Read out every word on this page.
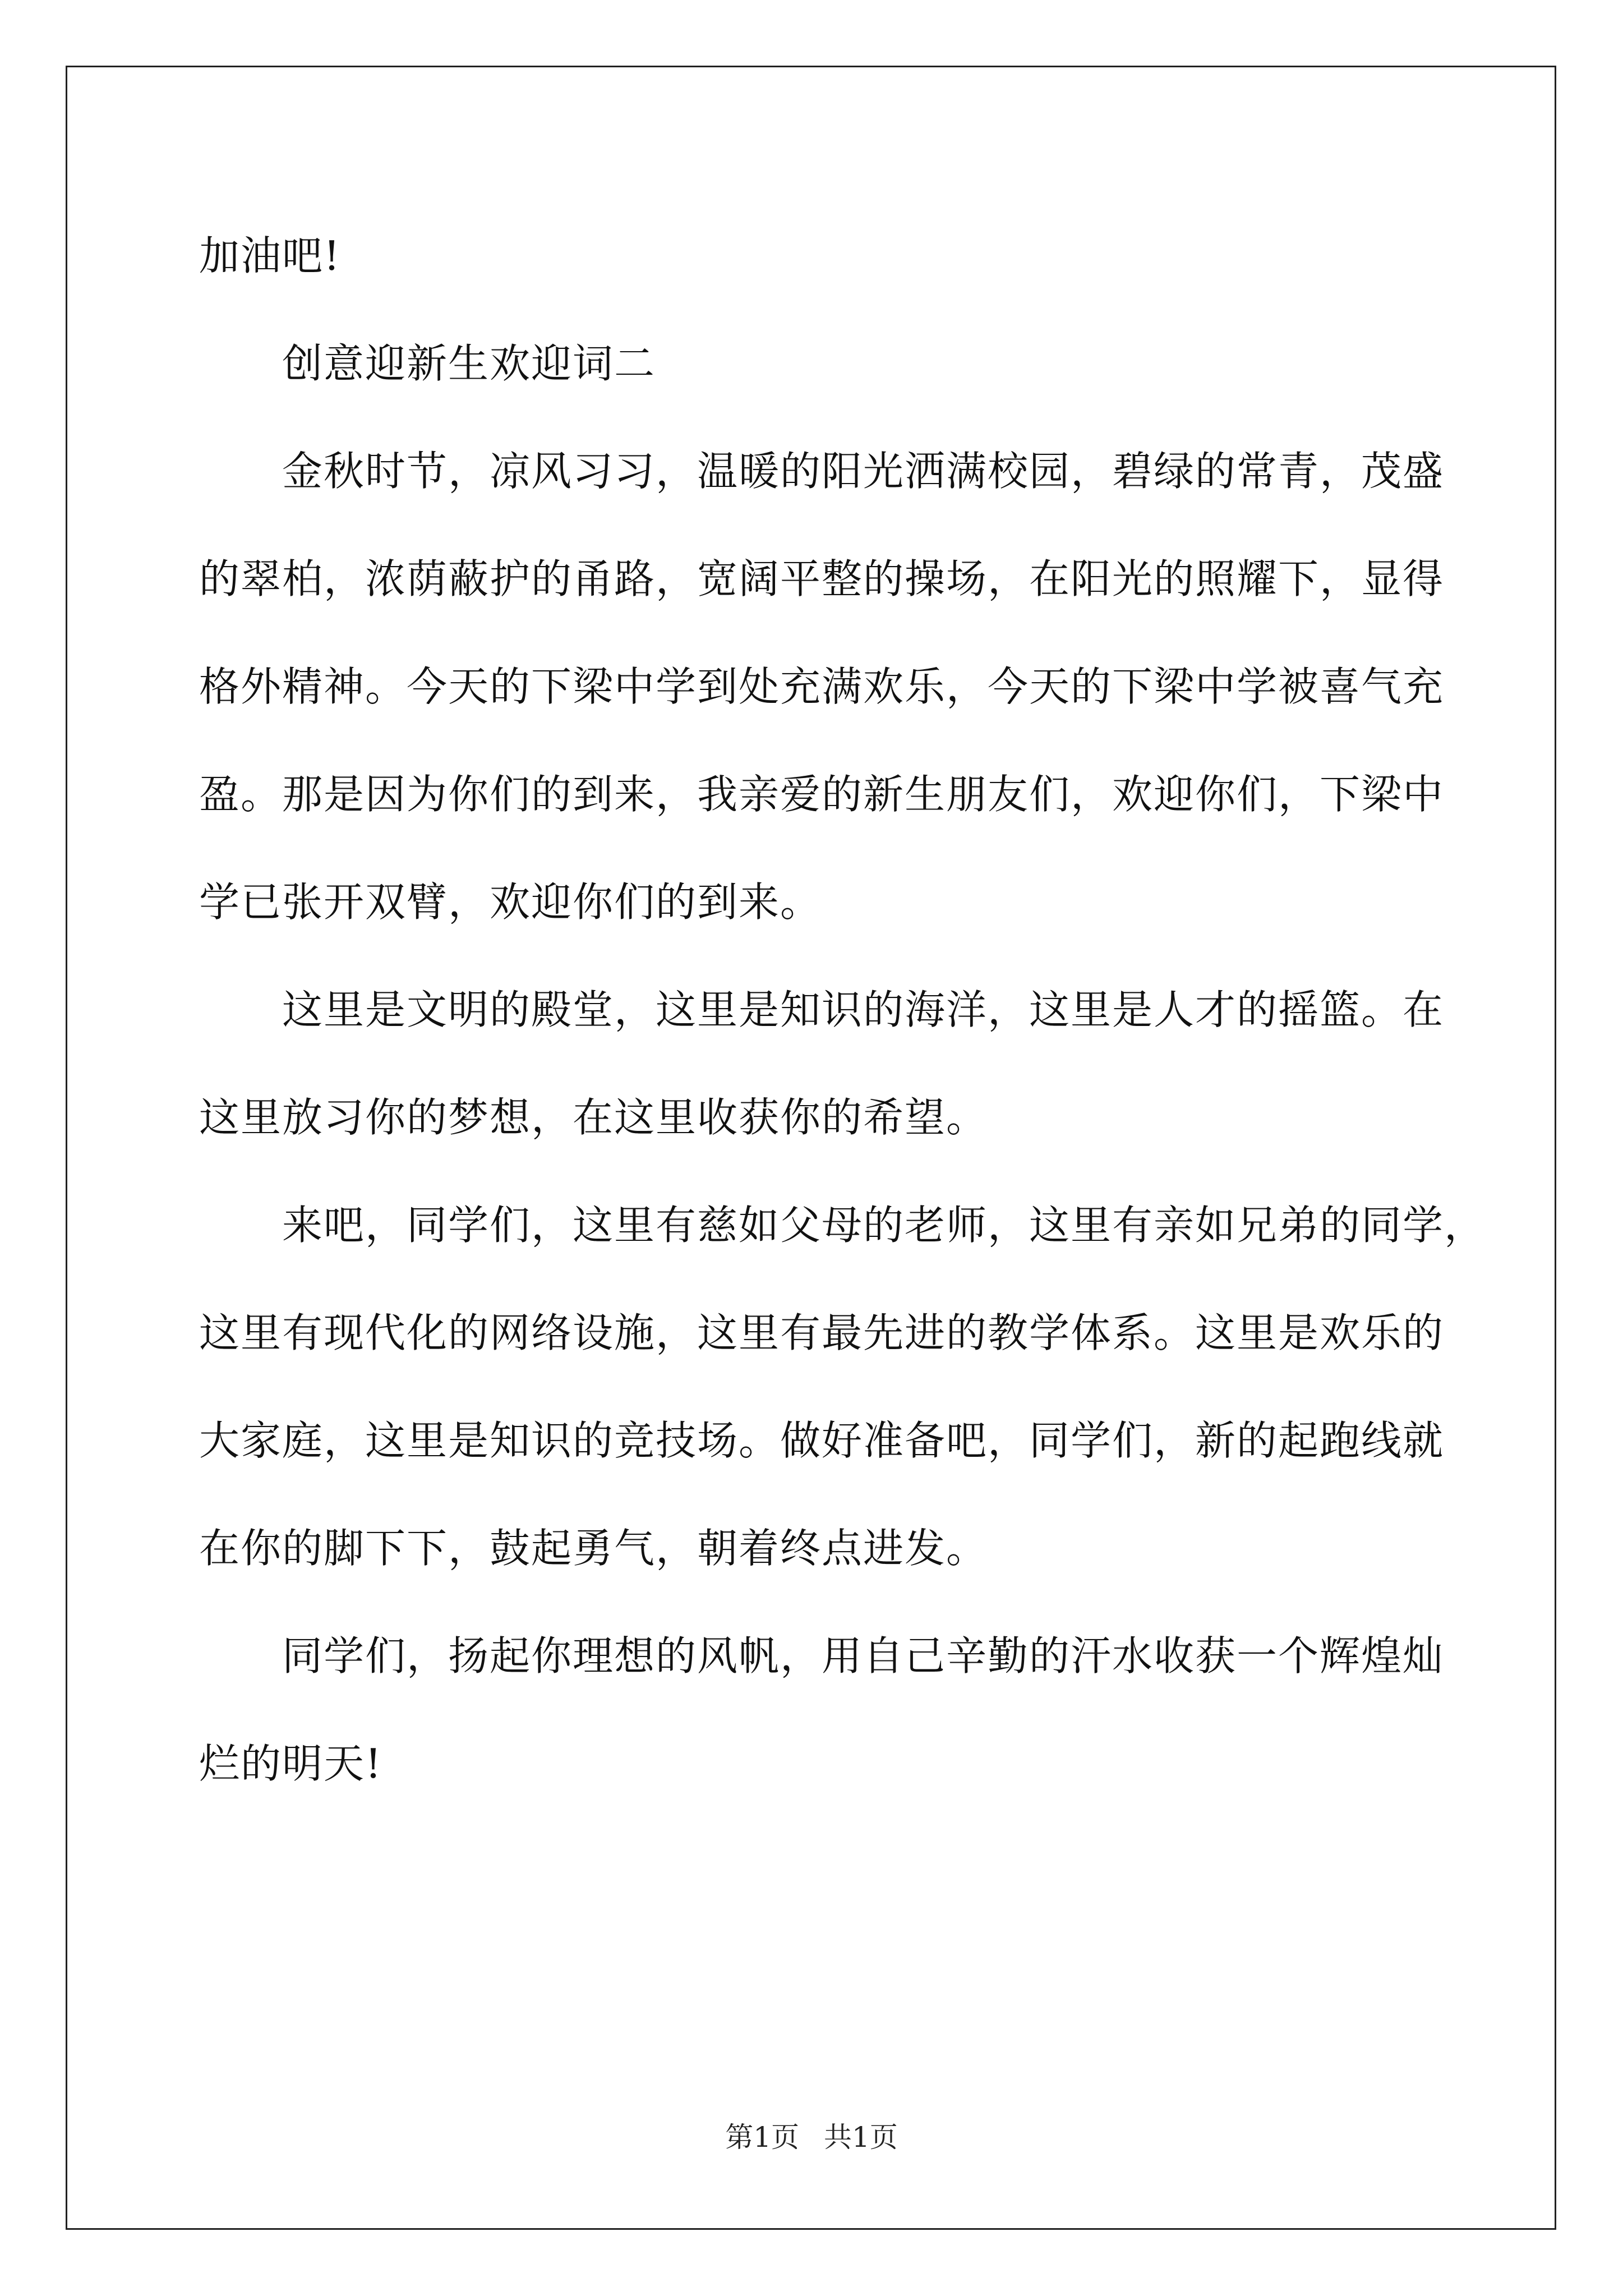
加油吧!

创意迎新生欢迎词二

金秋时节，凉风习习，温暖的阳光洒满校园，碧绿的常青，茂盛
的翠柏，浓荫蔽护的甬路，宽阔平整的操场，在阳光的照耀下，显得
格外精神。今天的下梁中学到处充满欢乐，今天的下梁中学被喜气充
盈。那是因为你们的到来，我亲爱的新生朋友们，欢迎你们，下梁中
学已张开双臂，欢迎你们的到来。

这里是文明的殿堂，这里是知识的海洋，这里是人才的摇篮。在
这里放习你的梦想，在这里收获你的希望。

来吧，同学们，这里有慈如父母的老师，这里有亲如兄弟的同学，
这里有现代化的网络设施，这里有最先进的教学体系。这里是欢乐的
大家庭，这里是知识的竞技场。做好准备吧，同学们，新的起跑线就
在你的脚下下，鼓起勇气，朝着终点进发。

同学们，扬起你理想的风帆，用自己辛勤的汗水收获一个辉煌灿
烂的明天!

第1页 共1页
